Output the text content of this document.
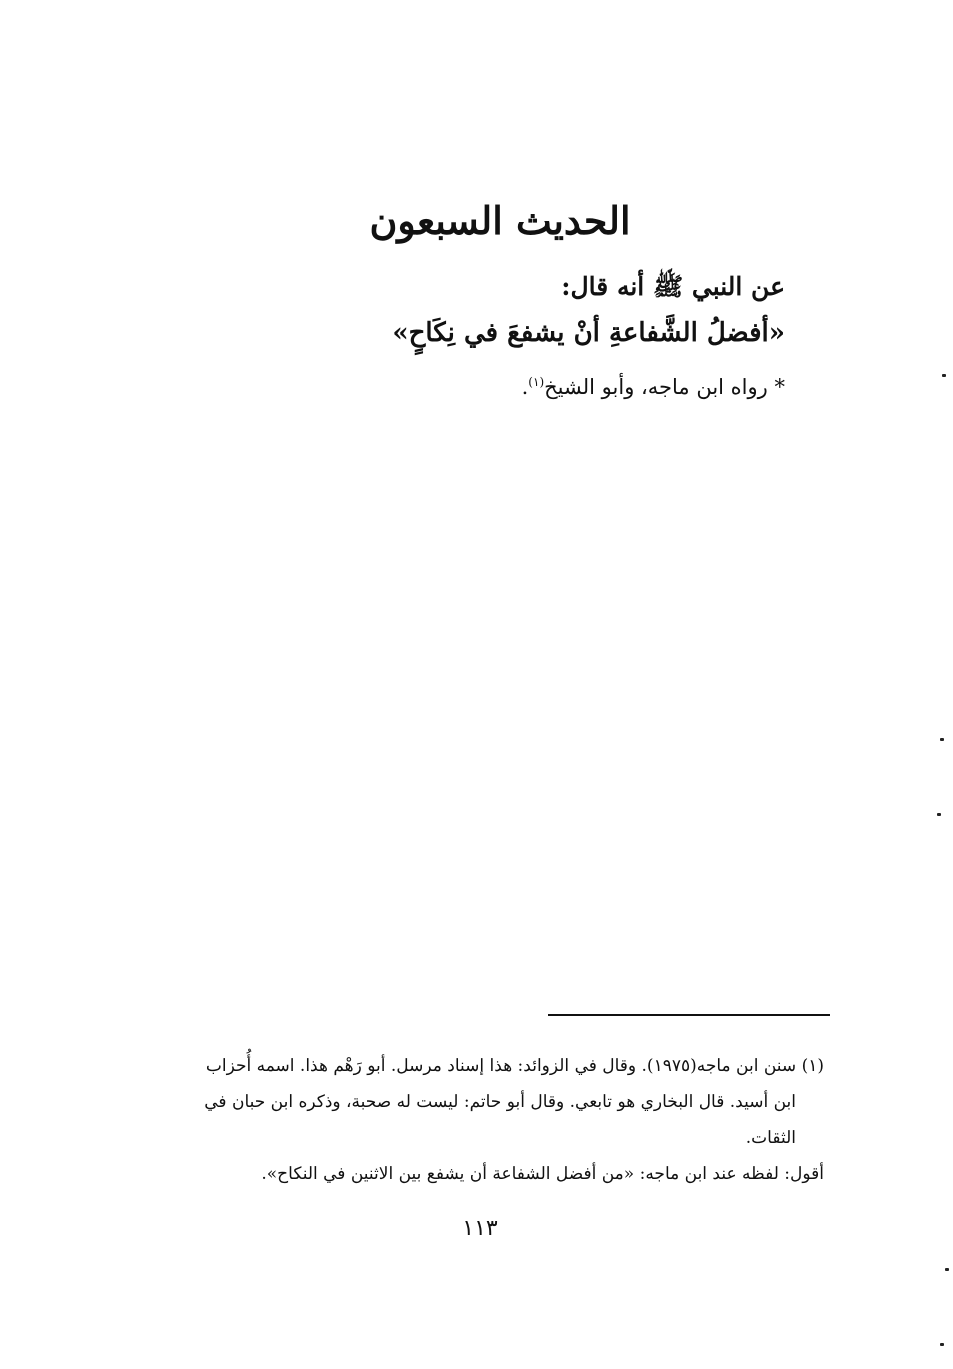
الحديث السبعون

عن النبي ﷺ أنه قال:

«أفضلُ الشَّفاعةِ أنْ يشفعَ في نِكَاحٍ»

* رواه ابن ماجه، وأبو الشيخ$^{(١)}$.

(١) سنن ابن ماجه(١٩٧٥). وقال في الزوائد: هذا إسناد مرسل. أبو رَهْم هذا. اسمه أُحزاب

ابن أسيد. قال البخاري هو تابعي. وقال أبو حاتم: ليست له صحبة، وذكره ابن حبان في

الثقات.

أقول: لفظه عند ابن ماجه: «من أفضل الشفاعة أن يشفع بين الاثنين في النكاح».

١١٣
